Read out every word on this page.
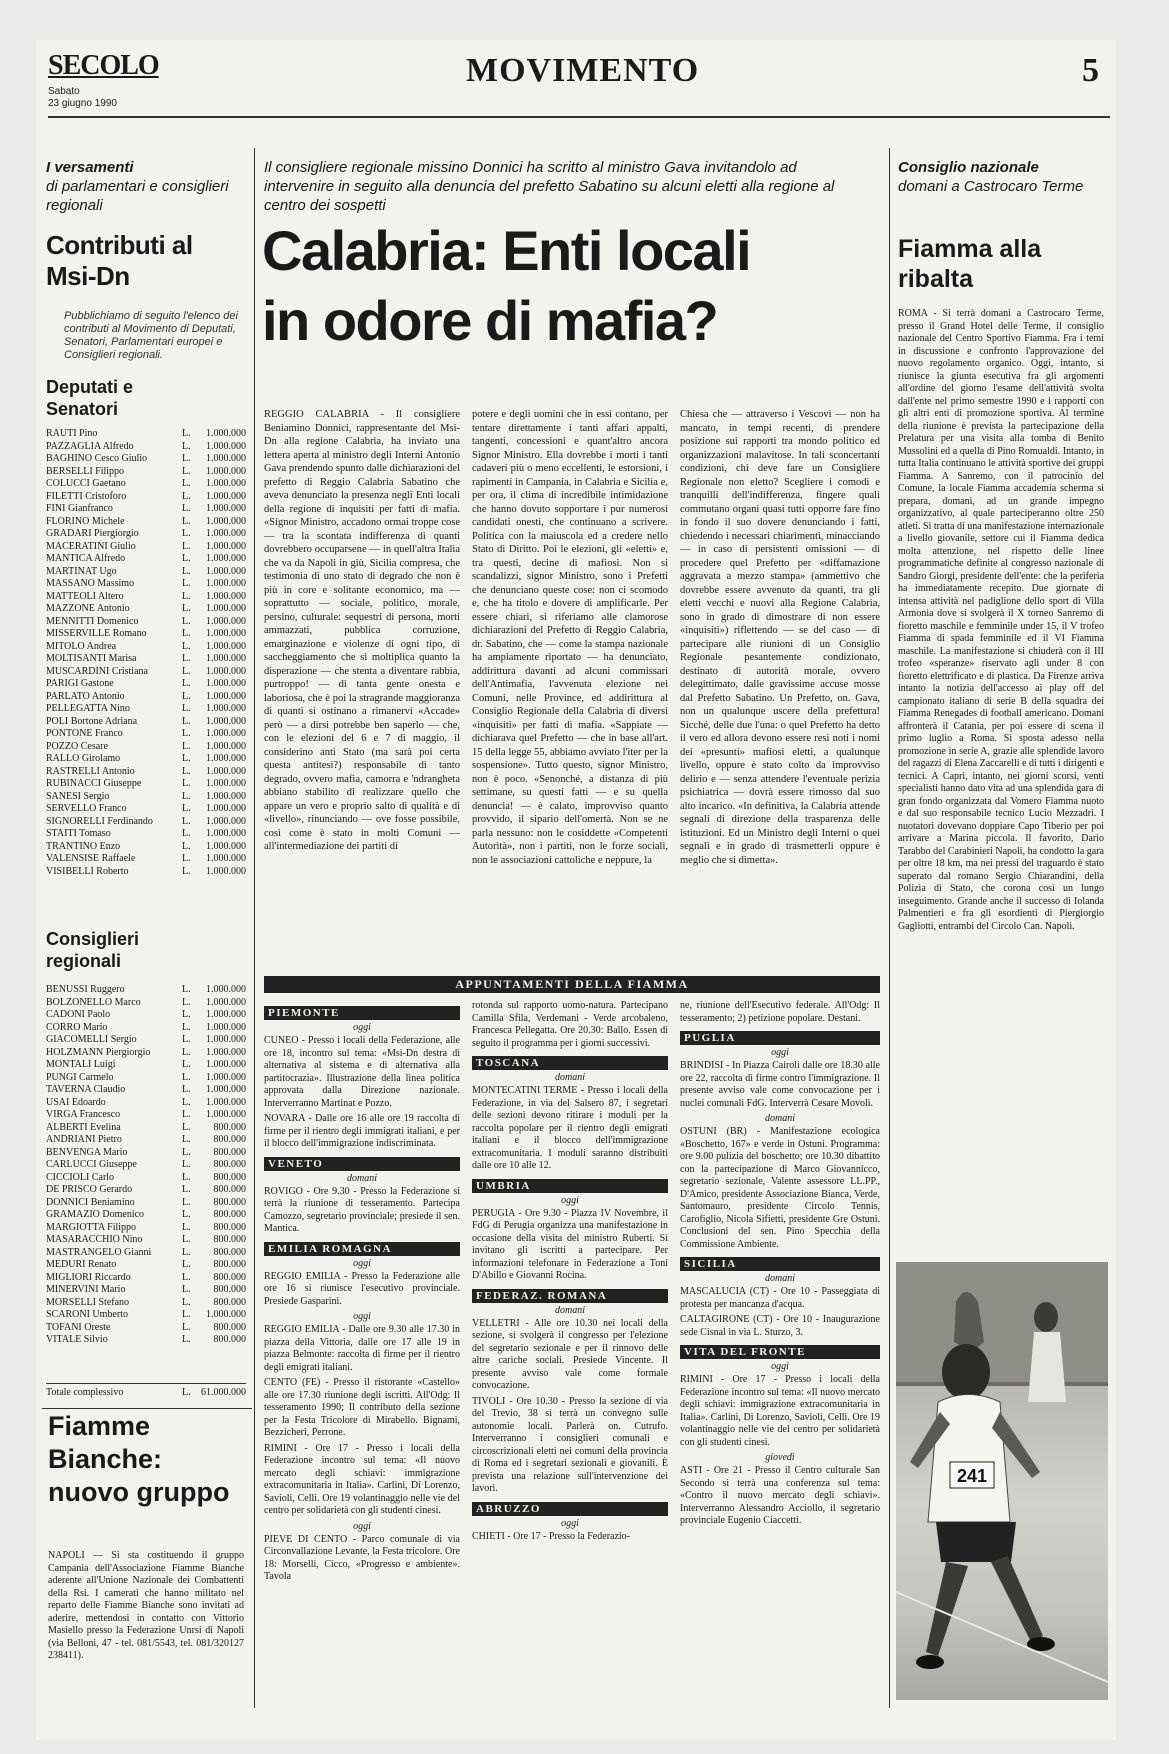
SECOLO
Sabato
23 giugno 1990
MOVIMENTO	5
I versamenti
di parlamentari e consiglieri regionali
Contributi al Msi-Dn
Pubblichiamo di seguito l'elenco dei contributi al Movimento di Deputati, Senatori, Parlamentari europei e Consiglieri regionali.
Deputati e Senatori
RAUTI Pino	L.	1.000.000
PAZZAGLIA Alfredo	L.	1.000.000
BAGHINO Cesco Giulio	L.	1.000.000
BERSELLI Filippo	L.	1.000.000
COLUCCI Gaetano	L.	1.000.000
FILETTI Cristoforo	L.	1.000.000
FINI Gianfranco	L.	1.000.000
FLORINO Michele	L.	1.000.000
GRADARI Piergiorgio	L.	1.000.000
MACERATINI Giulio	L.	1.000.000
MANTICA Alfredo	L.	1.000.000
MARTINAT Ugo	L.	1.000.000
MASSANO Massimo	L.	1.000.000
MATTEOLI Altero	L.	1.000.000
MAZZONE Antonio	L.	1.000.000
MENNITTI Domenico	L.	1.000.000
MISSERVILLE Romano	L.	1.000.000
MITOLO Andrea	L.	1.000.000
MOLTISANTI Marisa	L.	1.000.000
MUSCARDINI Cristiana	L.	1.000.000
PARIGI Gastone	L.	1.000.000
PARLATO Antonio	L.	1.000.000
PELLEGATTA Nino	L.	1.000.000
POLI Bortone Adriana	L.	1.000.000
PONTONE Franco	L.	1.000.000
POZZO Cesare	L.	1.000.000
RALLO Girolamo	L.	1.000.000
RASTRELLI Antonio	L.	1.000.000
RUBINACCI Giuseppe	L.	1.000.000
SANESI Sergio	L.	1.000.000
SERVELLO Franco	L.	1.000.000
SIGNORELLI Ferdinando	L.	1.000.000
STAITI Tomaso	L.	1.000.000
TRANTINO Enzo	L.	1.000.000
VALENSISE Raffaele	L.	1.000.000
VISIBELLI Roberto	L.	1.000.000
Consiglieri regionali
BENUSSI Ruggero	L.	1.000.000
BOLZONELLO Marco	L.	1.000.000
CADONI Paolo	L.	1.000.000
CORRO Mario	L.	1.000.000
GIACOMELLI Sergio	L.	1.000.000
HOLZMANN Piergiorgio	L.	1.000.000
MONTALI Luigi	L.	1.000.000
PUNGI Carmelo	L.	1.000.000
TAVERNA Claudio	L.	1.000.000
USAI Edoardo	L.	1.000.000
VIRGA Francesco	L.	1.000.000
ALBERTI Evelina	L.	800.000
ANDRIANI Pietro	L.	800.000
BENVENGA Mario	L.	800.000
CARLUCCI Giuseppe	L.	800.000
CICCIOLI Carlo	L.	800.000
DE PRISCO Gerardo	L.	800.000
DONNICI Beniamino	L.	800.000
GRAMAZIO Domenico	L.	800.000
MARGIOTTA Filippo	L.	800.000
MASARACCHIO Nino	L.	800.000
MASTRANGELO Gianni	L.	800.000
MEDURI Renato	L.	800.000
MIGLIORI Riccardo	L.	800.000
MINERVINI Mario	L.	800.000
MORSELLI Stefano	L.	800.000
SCARONI Umberto	L.	1.000.000
TOFANI Oreste	L.	800.000
VITALE Silvio	L.	800.000
Totale complessivo	L.	61.000.000
Fiamme Bianche: nuovo gruppo
NAPOLI — Si sta costituendo il gruppo Campania dell'Associazione Fiamme Bianche aderente all'Unione Nazionale dei Combattenti della Rsi. I camerati che hanno militato nel reparto delle Fiamme Bianche sono invitati ad aderire, mettendosi in contatto con Vittorio Masiello presso la Federazione Unrsi di Napoli (via Belloni, 47 - tel. 081/5543, tel. 081/320127 238411).
Il consigliere regionale missino Donnici ha scritto al ministro Gava invitandolo ad intervenire in seguito alla denuncia del prefetto Sabatino su alcuni eletti alla regione al centro dei sospetti
Calabria: Enti locali
in odore di mafia?
REGGIO CALABRIA - Il consigliere Beniamino Donnici, rappresentante del Msi-Dn alla regione Calabria, ha inviato una lettera aperta al ministro degli Interni Antonio Gava prendendo spunto dalle dichiarazioni del prefetto di Reggio Calabria Sabatino che aveva denunciato la presenza negli Enti locali della regione di inquisiti per fatti di mafia. «Signor Ministro, accadono ormai troppe cose — tra la scontata indifferenza di quanti dovrebbero occuparsene — in quell'altra Italia che va da Napoli in giù, Sicilia compresa, che testimonia di uno stato di degrado che non è più in core e solitante economico, ma — soprattutto — sociale, politico, morale, persino, culturale: sequestri di persona, morti ammazzati, pubblica corruzione, emarginazione e violenze di ogni tipo, di saccheggiamento che si moltiplica quanto la disperazione — che stenta a diventare rabbia, purtroppo! — di tanta gente onesta e laboriosa, che è poi la stragrande maggioranza di quanti si ostinano a rimanervi «Accade» però — a dirsi potrebbe ben saperlo — che, con le elezioni del 6 e 7 di maggio, il considerino anti Stato (ma sarà poi certa questa antitesi?) responsabile di tanto degrado, ovvero mafia, camorra e 'ndrangheta abbiano stabilito di realizzare quello che appare un vero e proprio salto di qualità e di «livello», rinunciando — ove fosse possibile, così come è stato in molti Comuni — all'intermediazione dei partiti di
potere e degli uomini che in essi contano, per tentare direttamente i tanti affari appalti, tangenti, concessioni e quant'altro ancora Signor Ministro. Ella dovrebbe i morti i tanti cadaveri più o meno eccellenti, le estorsioni, i rapimenti in Campania, in Calabria e Sicilia e, per ora, il clima di incredibile intimidazione che hanno dovuto sopportare i pur numerosi candidati onesti, che continuano a scrivere. Politica con la maiuscola ed a credere nello Stato di Diritto. Poi le elezioni, gli «eletti» e, tra questi, decine di mafiosi. Non si scandalizzi, signor Ministro, sono i Prefetti che denunciano queste cose: non ci scomodo e, che ha titolo e dovere di amplificarle. Per essere chiari, si riferiamo alle clamorose dichiarazioni del Prefetto di Reggio Calabria, dr. Sabatino, che — come la stampa nazionale ha ampiamente riportato — ha denunciato, addirittura davanti ad alcuni commissari dell'Antimafia, l'avvenuta elezione nei Comuni, nelle Province, ed addirittura al Consiglio Regionale della Calabria di diversi «inquisiti» per fatti di mafia. «Sappiate — dichiarava quel Prefetto — che in base all'art. 15 della legge 55, abbiamo avviato l'iter per la sospensione». Tutto questo, signor Ministro, non è poco. «Senonché, a distanza di più settimane, su questi fatti — e su quella denuncia! — è calato, improvviso quanto provvido, il sipario dell'omertà. Non se ne parla nessuno: non le cosiddette «Competenti Autorità», non i partiti, non le forze sociali, non le associazioni cattoliche e neppure, la
Chiesa che — attraverso i Vescovi — non ha mancato, in tempi recenti, di prendere posizione sui rapporti tra mondo politico ed organizzazioni malavitose. In tali sconcertanti condizioni, chi deve fare un Consigliere Regionale non eletto? Scegliere i comodi e tranquilli dell'indifferenza, fingere quali commutano organi quasi tutti opporre fare fino in fondo il suo dovere denunciando i fatti, chiedendo i necessari chiarimenti, minacciando — in caso di persistenti omissioni — di procedere quel Prefetto per «diffamazione aggravata a mezzo stampa» (ammettivo che dovrebbe essere avvenuto da quanti, tra gli eletti vecchi e nuovi alla Regione Calabria, sono in grado di dimostrare di non essere «inquisiti») riflettendo — se del caso — di partecipare alle riunioni di un Consiglio Regionale pesantemente condizionato, destinato di autorità morale, ovvero delegittimato, dalle gravissime accuse mosse dal Prefetto Sabatino. Un Prefetto, on. Gava, non un qualunque uscere della prefettura! Sicché, delle due l'una: o quel Prefetto ha detto il vero ed allora devono essere resi noti i nomi dei «presunti» mafiosi eletti, a qualunque livello, oppure è stato colto da improvviso delirio e — senza attendere l'eventuale perizia psichiatrica — dovrà essere rimosso dal suo alto incarico. «In definitiva, la Calabria attende segnali di direzione della trasparenza delle istituzioni. Ed un Ministro degli Interni o quei segnali e in grado di trasmetterli oppure è meglio che si dimetta».
APPUNTAMENTI DELLA FIAMMA
PIEMONTE
oggi
CUNEO - Presso i locali della Federazione, alle ore 18, incontro sul tema: «Msi-Dn destra di alternativa al sistema e di alternativa alla partitocrazia». Illustrazione della linea politica approvata dalla Direzione nazionale. Interverranno Martinat e Pozzo.
NOVARA - Dalle ore 16 alle ore 19 raccolta di firme per il rientro degli immigrati italiani, e per il blocco dell'immigrazione indiscriminata.
VENETO
domani
ROVIGO - Ore 9.30 - Presso la Federazione si terrà la riunione di tesseramento. Partecipa Camozzo, segretario provinciale; presiede il sen. Mantica.
EMILIA ROMAGNA
oggi
REGGIO EMILIA - Presso la Federazione alle ore 16 si riunisce l'esecutivo provinciale. Presiede Gasparini.
oggi
REGGIO EMILIA - Dalle ore 9.30 alle 17.30 in piazza della Vittoria, dalle ore 17 alle 19 in piazza Belmonte: raccolta di firme per il rientro degli emigrati italiani.
CENTO (FE) - Presso il ristorante «Castello» alle ore 17.30 riunione degli iscritti. All'Odg: Il tesseramento 1990; Il contributo della sezione per la Festa Tricolore di Mirabello. Bignami, Bezzicheri, Perrone.
RIMINI - Ore 17 - Presso i locali della Federazione incontro sul tema: «Il nuovo mercato degli schiavi: immigrazione extracomunitaria in Italia». Carlini, Di Lorenzo, Savioli, Celli. Ore 19 volantinaggio nelle vie del centro per solidarietà con gli studenti cinesi.
oggi
PIEVE DI CENTO - Parco comunale di via Circonvallazione Levante, la Festa tricolore. Ore 18: Morselli, Cicco, «Progresso e ambiente». Tavola
rotonda sul rapporto uomo-natura. Partecipano Camilla Sfila, Verdemani - Verde arcobaleno, Francesca Pellegatta. Ore 20.30: Ballo. Essen di seguito il programma per i giorni successivi.
TOSCANA
domani
MONTECATINI TERME - Presso i locali della Federazione, in via del Salsero 87, i segretari delle sezioni devono ritirare i moduli per la raccolta popolare per il rientro degli emigrati italiani e il blocco dell'immigrazione extracomunitaria. I moduli saranno distribuiti dalle ore 10 alle 12.
UMBRIA
oggi
PERUGIA - Ore 9.30 - Piazza IV Novembre, il FdG di Perugia organizza una manifestazione in occasione della visita del ministro Ruberti. Si invitano gli iscritti a partecipare. Per informazioni telefonare in Federazione a Toni D'Abillo e Giovanni Rocina.
FEDERAZ. ROMANA
domani
VELLETRI - Alle ore 10.30 nei locali della sezione, si svolgerà il congresso per l'elezione del segretario sezionale e per il rinnovo delle altre cariche sociali. Presiede Vincente. Il presente avviso vale come formale convocazione.
TIVOLI - Ore 10.30 - Presso la sezione di via del Trevio, 38 si terrà un convegno sulle autonomie locali. Parlerà on. Cutrufo. Interverranno i consiglieri comunali e circoscrizionali eletti nei comuni della provincia di Roma ed i segretari sezionali e giovanili. È prevista una relazione sull'intervenzione dei lavori.
ABRUZZO
oggi
CHIETI - Ore 17 - Presso la Federazio-
ne, riunione dell'Esecutivo federale. All'Odg: Il tesseramento; 2) petizione popolare. Destani.
PUGLIA
oggi
BRINDISI - In Piazza Cairoli dalle ore 18.30 alle ore 22, raccolta di firme contro l'immigrazione. Il presente avviso vale come convocazione per i nuclei comunali FdG. Interverrà Cesare Movoli.
domani
OSTUNI (BR) - Manifestazione ecologica «Boschetto, 167» e verde in Ostuni. Programma: ore 9.00 pulizia del boschetto; ore 10.30 dibattito con la partecipazione di Marco Giovannicco, segretario sezionale, Valente assessore LL.PP., D'Amico, presidente Associazione Bianca, Verde, Santomauro, presidente Circolo Tennis, Carofiglio, Nicola Sifietti, presidente Gre Ostuni. Conclusioni del sen. Pino Specchia della Commissione Ambiente.
SICILIA
domani
MASCALUCIA (CT) - Ore 10 - Passeggiata di protesta per mancanza d'acqua.
CALTAGIRONE (CT) - Ore 10 - Inaugurazione sede Cisnal in via L. Sturzo, 3.
VITA DEL FRONTE
oggi
RIMINI - Ore 17 - Presso i locali della Federazione incontro sul tema: «Il nuovo mercato degli schiavi: immigrazione extracomunitaria in Italia». Carlini, Di Lorenzo, Savioli, Celli. Ore 19 volantinaggio nelle vie del centro per solidarietà con gli studenti cinesi.
giovedì
ASTI - Ore 21 - Presso il Centro culturale San Secondo si terrà una conferenza sul tema: «Contro il nuovo mercato degli schiavi». Interverranno Alessandro Acciollo, il segretario provinciale Eugenio Ciaccetti.
Consiglio nazionale
domani a Castrocaro Terme
Fiamma alla ribalta
ROMA - Si terrà domani a Castrocaro Terme, presso il Grand Hotel delle Terme, il consiglio nazionale del Centro Sportivo Fiamma. Fra i temi in discussione e confronto l'approvazione del nuovo regolamento organico. Oggi, intanto, si riunisce la giunta esecutiva fra gli argomenti all'ordine del giorno l'esame dell'attività svolta dall'ente nel primo semestre 1990 e i rapporti con gli altri enti di promozione sportiva. Al termine della riunione è prevista la partecipazione della Prelatura per una visita alla tomba di Benito Mussolini ed a quella di Pino Romualdi. Intanto, in tutta Italia continuano le attività sportive dei gruppi Fiamma. A Sanremo, con il patrocinio del Comune, la locale Fiamma accademia scherma si prepara, domani, ad un grande impegno organizzativo, al quale parteciperanno oltre 250 atleti. Si tratta di una manifestazione internazionale a livello giovanile, settore cui il Fiamma dedica molta attenzione, nel rispetto delle linee programmatiche definite al congresso nazionale di Sandro Giorgi, presidente dell'ente: che la periferia ha immediatamente recepito. Due giornate di intensa attività nel padiglione dello sport di Villa Armonia dove si svolgerà il X torneo Sanremo di fioretto maschile e femminile under 15, il V trofeo Fiamma di spada femminile ed il VI Fiamma maschile. La manifestazione si chiuderà con il III trofeo «speranze» riservato agli under 8 con fioretto elettrificato e di plastica. Da Firenze arriva intanto la notizia dell'accesso ai play off del campionato italiano di serie B della squadra dei Fiamma Renegades di football americano. Domani affronterà il Catania, per poi essere di scena il primo luglio a Roma. Si sposta adesso nella promozione in serie A, grazie alle splendide lavoro del ragazzi di Elena Zaccarelli e di tutti i dirigenti e tecnici. A Capri, intanto, nei giorni scorsi, venti specialisti hanno dato vita ad una splendida gara di gran fondo organizzata dal Vomero Fiamma nuoto e dal suo responsabile tecnico Lucio Mezzadri. I nuotatori dovevano doppiare Capo Tiberio per poi arrivare a Marina piccola. Il favorito, Dario Tarabbo del Carabinieri Napoli, ha condotto la gara per oltre 18 km, ma nei pressi del traguardo è stato superato dal romano Sergio Chiarandini, della Polizia di Stato, che corona così un lungo inseguimento. Grande anche il successo di Iolanda Palmentieri e fra gli esordienti di Piergiorgio Gagliotti, entrambi del Circolo Can. Napoli.
241
